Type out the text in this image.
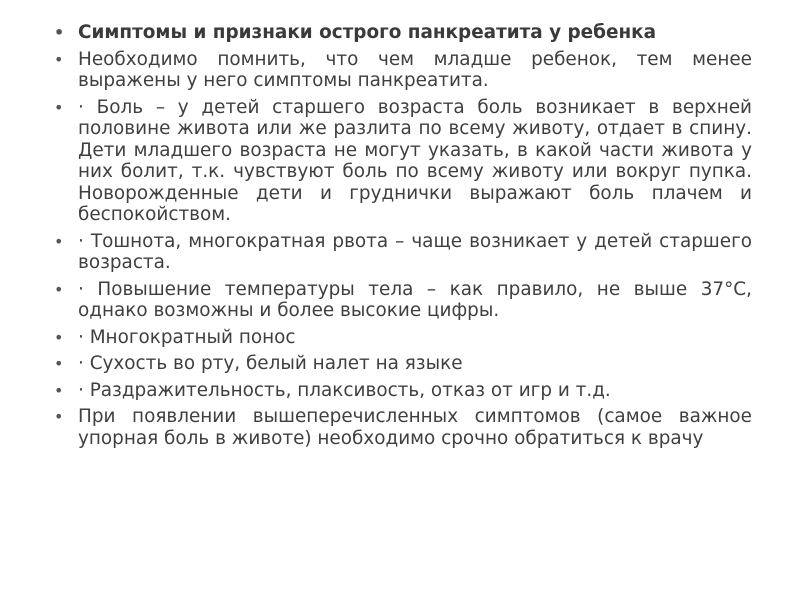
• Симптомы и признаки острого панкреатита у ребенка
• Необходимо помнить, что чем младше ребенок, тем менее выражены у него симптомы панкреатита.
• · Боль – у детей старшего возраста боль возникает в верхней половине живота или же разлита по всему животу, отдает в спину. Дети младшего возраста не могут указать, в какой части живота у них болит, т.к. чувствуют боль по всему животу или вокруг пупка. Новорожденные дети и груднички выражают боль плачем и беспокойством.
• · Тошнота, многократная рвота – чаще возникает у детей старшего возраста.
• · Повышение температуры тела – как правило, не выше 37°С, однако возможны и более высокие цифры.
• · Многократный понос
• · Сухость во рту, белый налет на языке
• · Раздражительность, плаксивость, отказ от игр и т.д.
• При появлении вышеперечисленных симптомов (самое важное упорная боль в животе) необходимо срочно обратиться к врачу
